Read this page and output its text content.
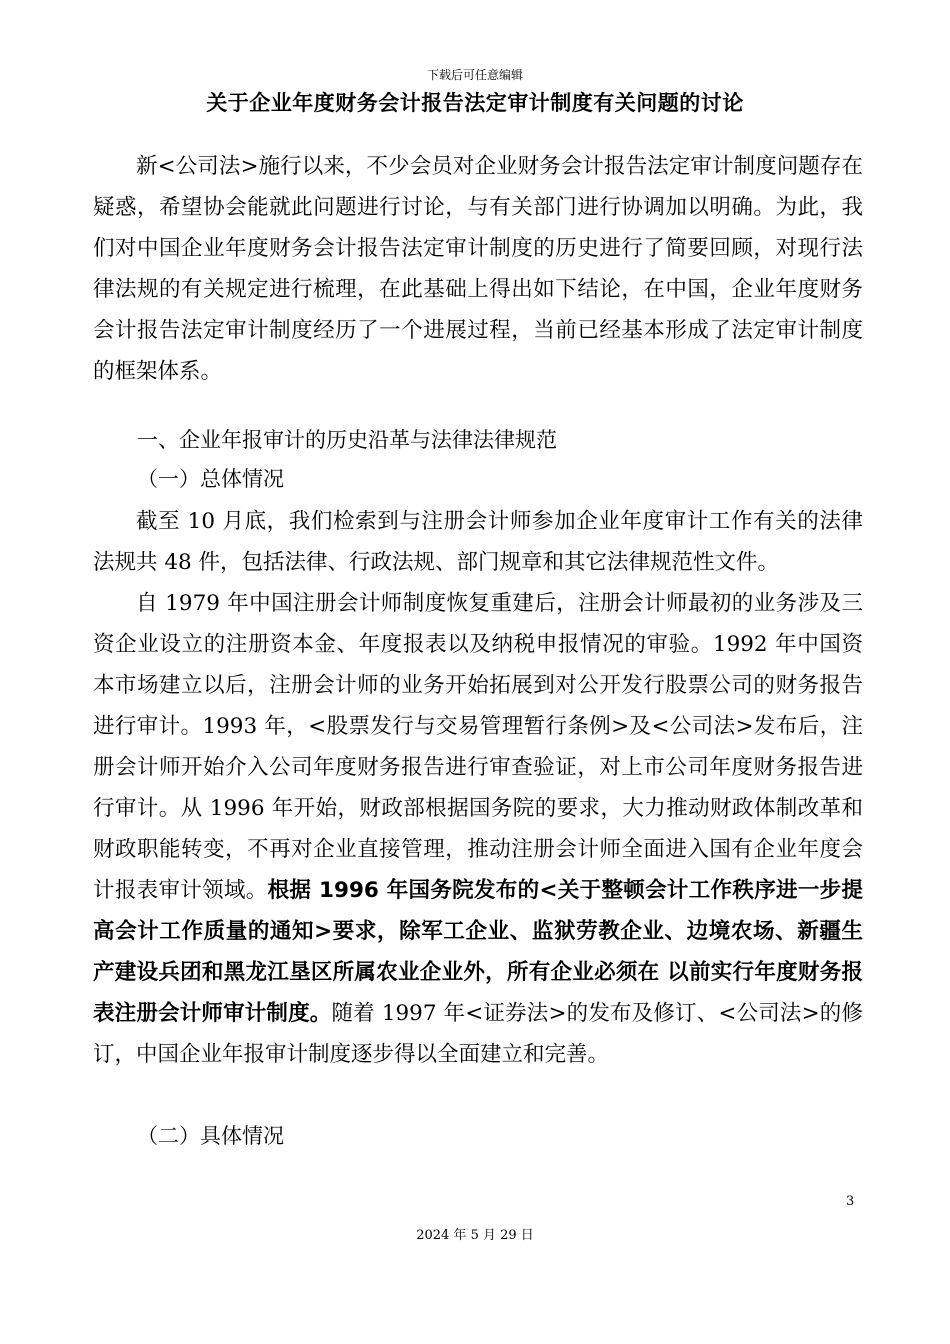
下载后可任意编辑
关于企业年度财务会计报告法定审计制度有关问题的讨论

新<公司法>施行以来，不少会员对企业财务会计报告法定审计制度问题存在疑惑，希望协会能就此问题进行讨论，与有关部门进行协调加以明确。为此，我们对中国企业年度财务会计报告法定审计制度的历史进行了简要回顾，对现行法律法规的有关规定进行梳理，在此基础上得出如下结论，在中国，企业年度财务会计报告法定审计制度经历了一个进展过程，当前已经基本形成了法定审计制度的框架体系。

一、企业年报审计的历史沿革与法律法律规范
（一）总体情况

截至 10 月底，我们检索到与注册会计师参加企业年度审计工作有关的法律法规共 48 件，包括法律、行政法规、部门规章和其它法律规范性文件。

自 1979 年中国注册会计师制度恢复重建后，注册会计师最初的业务涉及三资企业设立的注册资本金、年度报表以及纳税申报情况的审验。1992 年中国资本市场建立以后，注册会计师的业务开始拓展到对公开发行股票公司的财务报告进行审计。1993 年，<股票发行与交易管理暂行条例>及<公司法>发布后，注册会计师开始介入公司年度财务报告进行审查验证，对上市公司年度财务报告进行审计。从 1996 年开始，财政部根据国务院的要求，大力推动财政体制改革和财政职能转变，不再对企业直接管理，推动注册会计师全面进入国有企业年度会计报表审计领域。根据 1996 年国务院发布的<关于整顿会计工作秩序进一步提高会计工作质量的通知>要求，除军工企业、监狱劳教企业、边境农场、新疆生产建设兵团和黑龙江垦区所属农业企业外，所有企业必须在 以前实行年度财务报表注册会计师审计制度。随着 1997 年<证券法>的发布及修订、<公司法>的修订，中国企业年报审计制度逐步得以全面建立和完善。

（二）具体情况
3
2024 年 5 月 29 日
